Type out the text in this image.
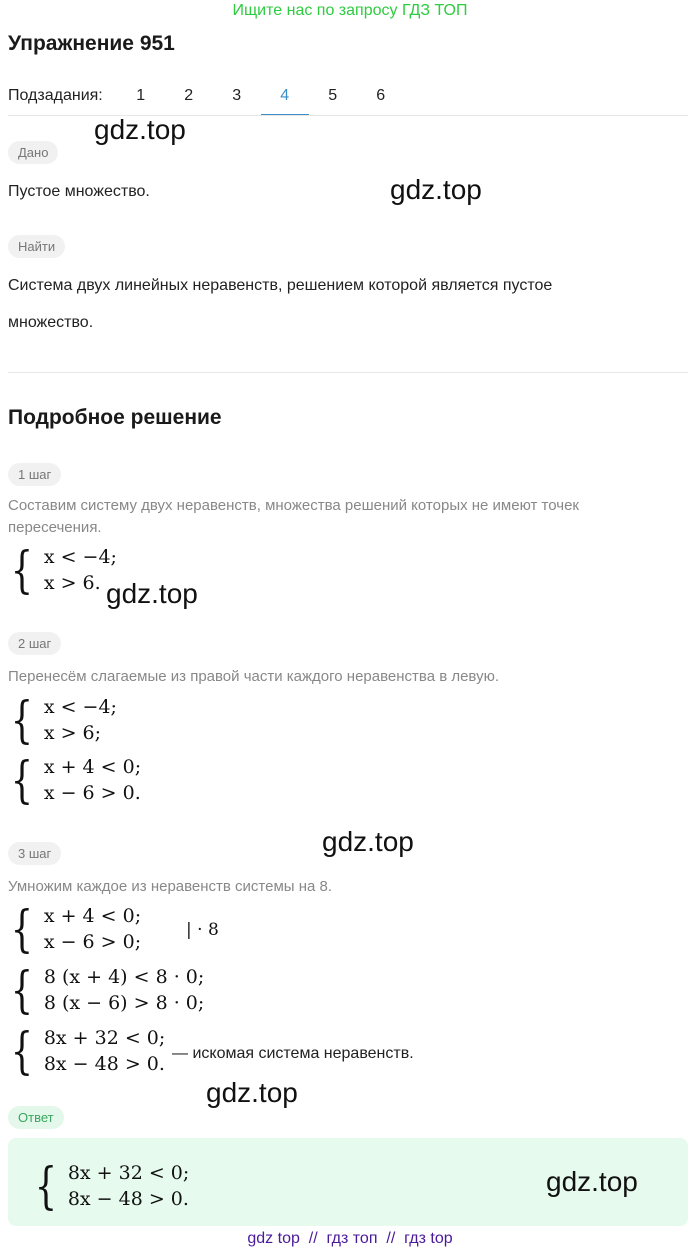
Ищите нас по запросу ГДЗ ТОП
Упражнение 951
Подзадания:	1	2	3	4	5	6
gdz.top
Дано
Пустое множество.	gdz.top
Найти
Система двух линейных неравенств, решением которой является пустое
множество.
Подробное решение
1 шаг
Составим систему двух неравенств, множества решений которых не имеют точек
пересечения.
{ x < −4;
x > 6. gdz.top
2 шаг
Перенесём слагаемые из правой части каждого неравенства в левую.
{ x < −4;
x > 6;
{ x + 4 < 0;
x − 6 > 0.
gdz.top
3 шаг
Умножим каждое из неравенств системы на 8.
{ x + 4 < 0;
x − 6 > 0;
| · 8
{ 8 (x + 4) < 8 · 0;
8 (x − 6) > 8 · 0;
{ 8x + 32 < 0;
8x − 48 > 0. — искомая система неравенств.
gdz.top
Ответ
{ 8x + 32 < 0;
8x − 48 > 0.
gdz.top
gdz top  //  гдз топ  //  гдз top
